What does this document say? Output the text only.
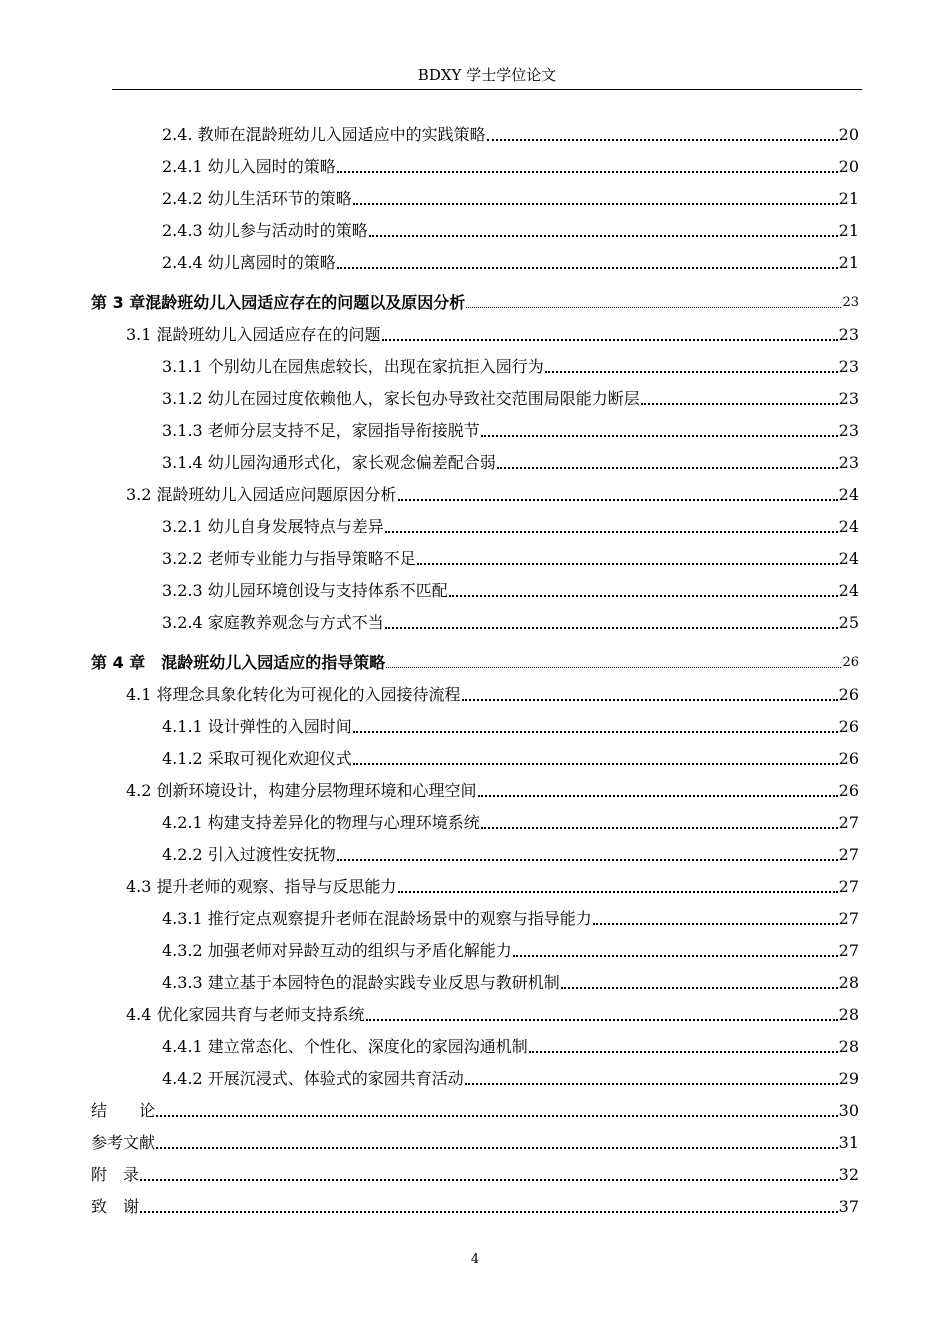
BDXY 学士学位论文
2.4. 教师在混龄班幼儿入园适应中的实践策略	20
2.4.1 幼儿入园时的策略	20
2.4.2 幼儿生活环节的策略	21
2.4.3 幼儿参与活动时的策略	21
2.4.4 幼儿离园时的策略	21
第 3 章混龄班幼儿入园适应存在的问题以及原因分析	23
3.1 混龄班幼儿入园适应存在的问题	23
3.1.1 个别幼儿在园焦虑较长，出现在家抗拒入园行为	23
3.1.2 幼儿在园过度依赖他人，家长包办导致社交范围局限能力断层	23
3.1.3 老师分层支持不足，家园指导衔接脱节	23
3.1.4 幼儿园沟通形式化，家长观念偏差配合弱	23
3.2 混龄班幼儿入园适应问题原因分析	24
3.2.1 幼儿自身发展特点与差异	24
3.2.2 老师专业能力与指导策略不足	24
3.2.3 幼儿园环境创设与支持体系不匹配	24
3.2.4 家庭教养观念与方式不当	25
第 4 章　混龄班幼儿入园适应的指导策略	26
4.1 将理念具象化转化为可视化的入园接待流程	26
4.1.1 设计弹性的入园时间	26
4.1.2 采取可视化欢迎仪式	26
4.2 创新环境设计，构建分层物理环境和心理空间	26
4.2.1 构建支持差异化的物理与心理环境系统	27
4.2.2 引入过渡性安抚物	27
4.3 提升老师的观察、指导与反思能力	27
4.3.1 推行定点观察提升老师在混龄场景中的观察与指导能力	27
4.3.2 加强老师对异龄互动的组织与矛盾化解能力	27
4.3.3 建立基于本园特色的混龄实践专业反思与教研机制	28
4.4 优化家园共育与老师支持系统	28
4.4.1 建立常态化、个性化、深度化的家园沟通机制	28
4.4.2 开展沉浸式、体验式的家园共育活动	29
结　　论	30
参考文献	31
附　录	32
致　谢	37
4
